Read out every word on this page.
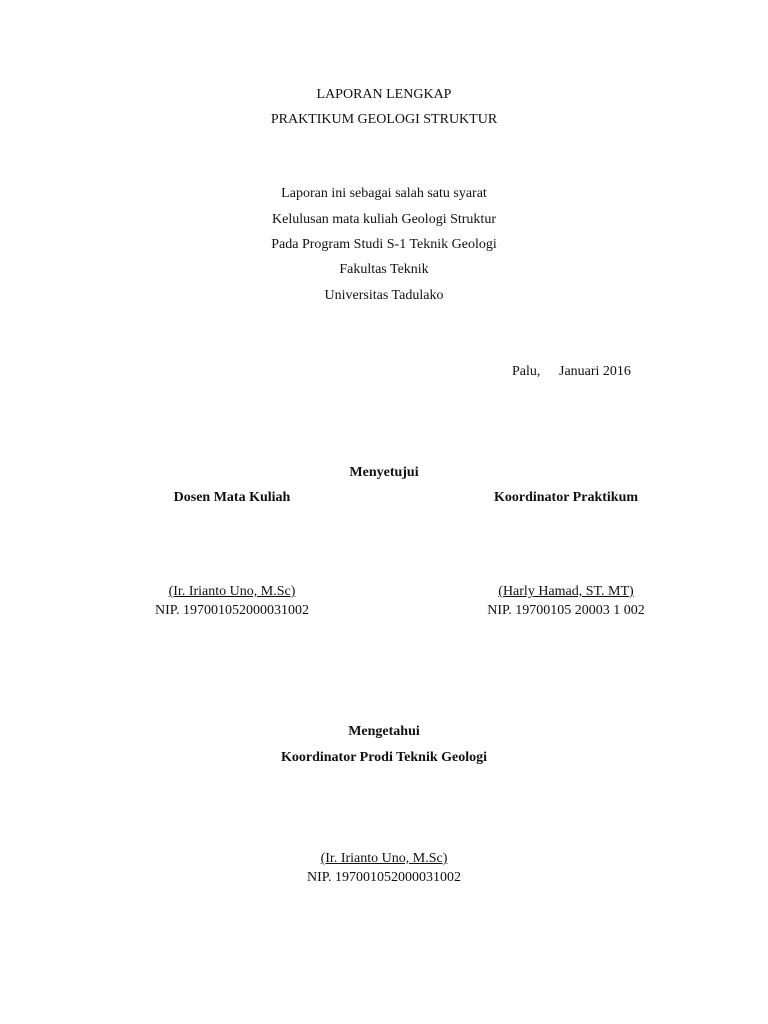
LAPORAN LENGKAP
PRAKTIKUM GEOLOGI STRUKTUR
Laporan ini sebagai salah satu syarat
Kelulusan mata kuliah Geologi Struktur
Pada Program Studi S-1 Teknik Geologi
Fakultas Teknik
Universitas Tadulako
Palu, Januari 2016
Menyetujui
Dosen Mata Kuliah	Koordinator Praktikum
(Ir. Irianto Uno, M.Sc)	(Harly Hamad, ST. MT)
NIP. 197001052000031002	NIP. 19700105 20003 1 002
Mengetahui
Koordinator Prodi Teknik Geologi
(Ir. Irianto Uno, M.Sc)
NIP. 197001052000031002
